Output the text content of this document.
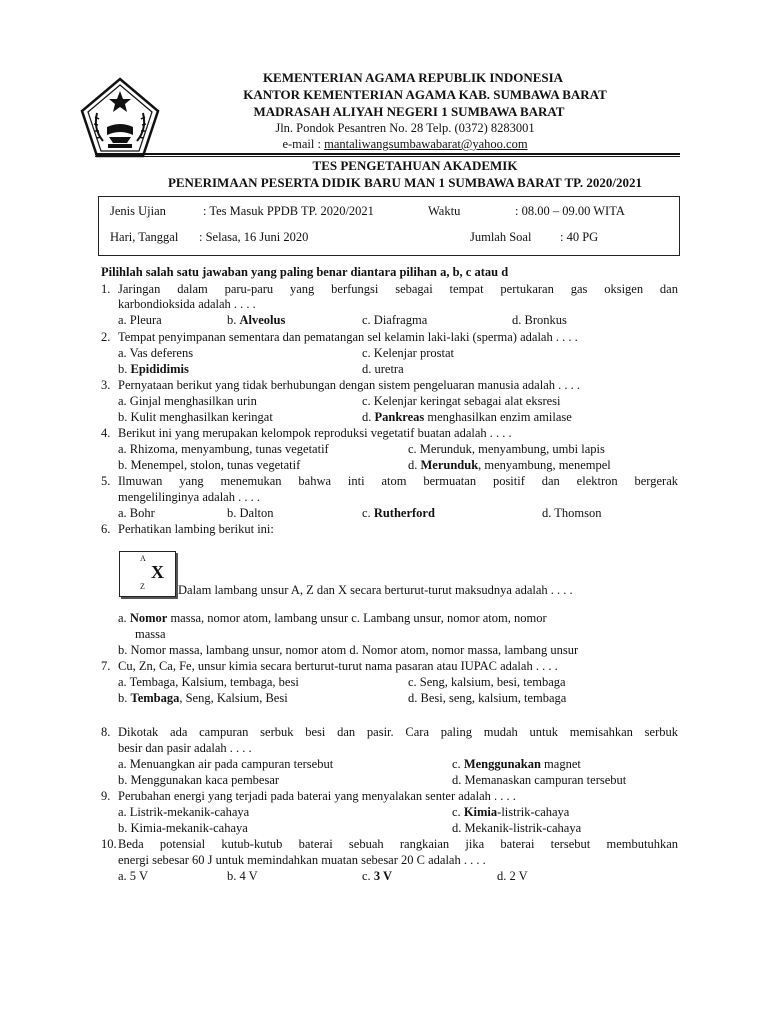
KEMENTERIAN AGAMA REPUBLIK INDONESIA
KANTOR KEMENTERIAN AGAMA KAB. SUMBAWA BARAT
MADRASAH ALIYAH NEGERI 1 SUMBAWA BARAT
Jln. Pondok Pesantren No. 28 Telp. (0372) 8283001
e-mail : mantaliwangsumbawabarat@yahoo.com
TES PENGETAHUAN AKADEMIK
PENERIMAAN PESERTA DIDIK BARU MAN 1 SUMBAWA BARAT TP. 2020/2021
Jenis Ujian	: Tes Masuk PPDB TP. 2020/2021	Waktu	: 08.00 – 09.00 WITA
Hari, Tanggal : Selasa, 16 Juni 2020	Jumlah Soal : 40 PG
Pilihlah salah satu jawaban yang paling benar diantara pilihan a, b, c atau d
1. Jaringan dalam paru-paru yang berfungsi sebagai tempat pertukaran gas oksigen dan
karbondioksida adalah . . . .
a. Pleura	b. Alveolus	c. Diafragma	d. Bronkus
2. Tempat penyimpanan sementara dan pematangan sel kelamin laki-laki (sperma) adalah . . . .
a. Vas deferens	c. Kelenjar prostat
b. Epididimis	d. uretra
3. Pernyataan berikut yang tidak berhubungan dengan sistem pengeluaran manusia adalah . . . .
a. Ginjal menghasilkan urin	c. Kelenjar keringat sebagai alat eksresi
b. Kulit menghasilkan keringat	d. Pankreas menghasilkan enzim amilase
4. Berikut ini yang merupakan kelompok reproduksi vegetatif buatan adalah . . . .
a. Rhizoma, menyambung, tunas vegetatif	c. Merunduk, menyambung, umbi lapis
b. Menempel, stolon, tunas vegetatif	d. Merunduk, menyambung, menempel
5. Ilmuwan yang menemukan bahwa inti atom bermuatan positif dan elektron bergerak
mengelilinginya adalah . . . .
a. Bohr	b. Dalton	c. Rutherford	d. Thomson
6. Perhatikan lambing berikut ini:
A
X
Z	Dalam lambang unsur A, Z dan X secara berturut-turut maksudnya adalah . . . .
a. Nomor massa, nomor atom, lambang unsur c. Lambang unsur, nomor atom, nomor
massa
b. Nomor massa, lambang unsur, nomor atom d. Nomor atom, nomor massa, lambang unsur
7. Cu, Zn, Ca, Fe, unsur kimia secara berturut-turut nama pasaran atau IUPAC adalah . . . .
a. Tembaga, Kalsium, tembaga, besi	c. Seng, kalsium, besi, tembaga
b. Tembaga, Seng, Kalsium, Besi	d. Besi, seng, kalsium, tembaga
8. Dikotak ada campuran serbuk besi dan pasir. Cara paling mudah untuk memisahkan serbuk
besir dan pasir adalah . . . .
a. Menuangkan air pada campuran tersebut	c. Menggunakan magnet
b. Menggunakan kaca pembesar	d. Memanaskan campuran tersebut
9. Perubahan energi yang terjadi pada baterai yang menyalakan senter adalah . . . .
a. Listrik-mekanik-cahaya	c. Kimia-listrik-cahaya
b. Kimia-mekanik-cahaya	d. Mekanik-listrik-cahaya
10. Beda potensial kutub-kutub baterai sebuah rangkaian jika baterai tersebut membutuhkan
energi sebesar 60 J untuk memindahkan muatan sebesar 20 C adalah . . . .
a. 5 V	b. 4 V	c. 3 V	d. 2 V
